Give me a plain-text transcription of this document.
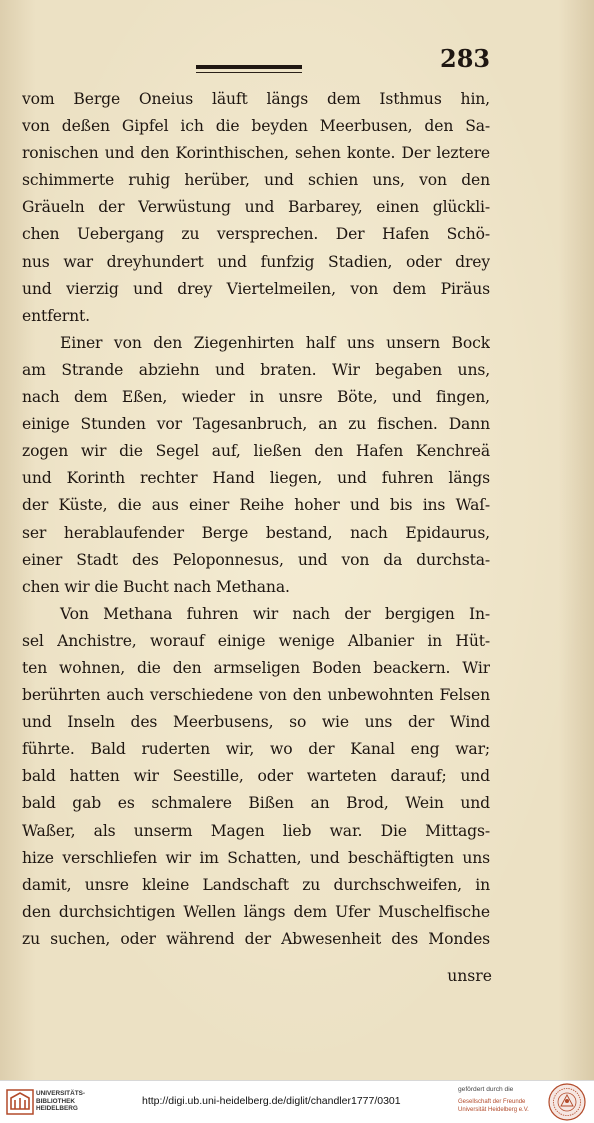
283
vom Berge Oneius läuft längs dem Isthmus hin,
von deßen Gipfel ich die beyden Meerbusen, den Sa-
ronischen und den Korinthischen, sehen konte. Der leztere
schimmerte ruhig herüber, und schien uns, von den
Gräueln der Verwüstung und Barbarey, einen glückli-
chen Uebergang zu versprechen. Der Hafen Schö-
nus war dreyhundert und funfzig Stadien, oder drey
und vierzig und drey Viertelmeilen, von dem Piräus
entfernt.
Einer von den Ziegenhirten half uns unsern Bock
am Strande abziehn und braten. Wir begaben uns,
nach dem Eßen, wieder in unsre Böte, und fingen,
einige Stunden vor Tagesanbruch, an zu fischen. Dann
zogen wir die Segel auf, ließen den Hafen Kenchreä
und Korinth rechter Hand liegen, und fuhren längs
der Küste, die aus einer Reihe hoher und bis ins Waſ-
ser herablaufender Berge bestand, nach Epidaurus,
einer Stadt des Peloponnesus, und von da durchsta-
chen wir die Bucht nach Methana.
Von Methana fuhren wir nach der bergigen In-
sel Anchistre, worauf einige wenige Albanier in Hüt-
ten wohnen, die den armseligen Boden beackern. Wir
berührten auch verschiedene von den unbewohnten Felsen
und Inseln des Meerbusens, so wie uns der Wind
führte. Bald ruderten wir, wo der Kanal eng war;
bald hatten wir Seestille, oder warteten darauf; und
bald gab es schmalere Bißen an Brod, Wein und
Waßer, als unserm Magen lieb war. Die Mittags-
hize verschliefen wir im Schatten, und beschäftigten uns
damit, unsre kleine Landschaft zu durchschweifen, in
den durchsichtigen Wellen längs dem Ufer Muschelfische
zu suchen, oder während der Abwesenheit des Mondes
unsre
UNIVERSITÄTS-
BIBLIOTHEK
HEIDELBERG
http://digi.ub.uni-heidelberg.de/diglit/chandler1777/0301
gefördert durch die
Gesellschaft der Freunde
Universität Heidelberg e.V.
